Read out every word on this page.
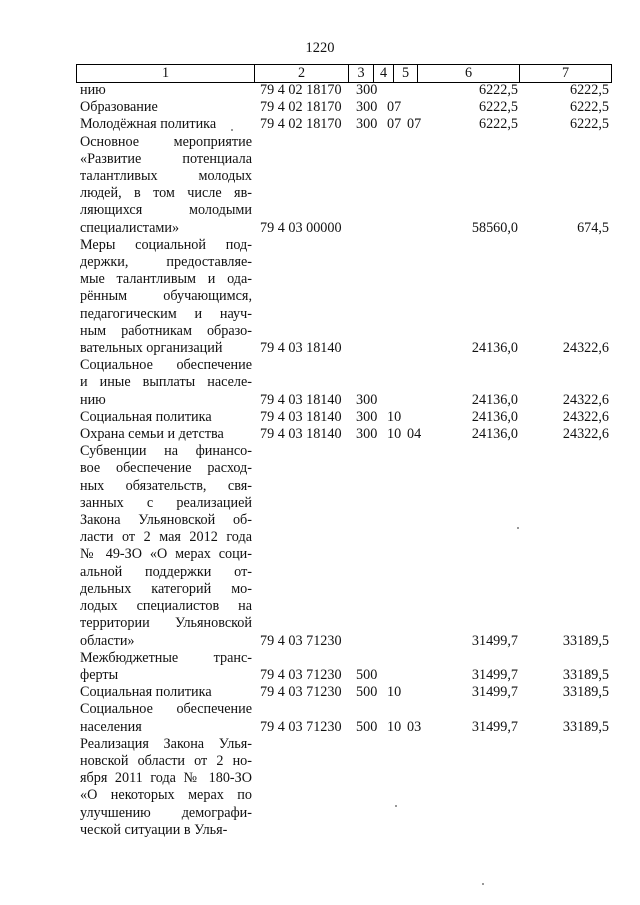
1220
1	2	3	4	5	6	7
нию	79 4 02 18170 300	6222,5	6222,5
Образование	79 4 02 18170 300 07	6222,5	6222,5
Молодёжная политика	79 4 02 18170 300 07 07	6222,5	6222,5
Основное мероприятие
«Развитие потенциала
талантливых молодых
людей, в том числе яв-
ляющихся молодыми
специалистами»	79 4 03 00000	58560,0	674,5
Меры социальной под-
держки, предоставляе-
мые талантливым и ода-
рённым обучающимся,
педагогическим и науч-
ным работникам образо-
вательных организаций	79 4 03 18140	24136,0	24322,6
Социальное обеспечение
и иные выплаты населе-
нию	79 4 03 18140 300	24136,0	24322,6
Социальная политика	79 4 03 18140 300 10	24136,0	24322,6
Охрана семьи и детства	79 4 03 18140 300 10 04	24136,0	24322,6
Субвенции на финансо-
вое обеспечение расход-
ных обязательств, свя-
занных с реализацией
Закона Ульяновской об-
ласти от 2 мая 2012 года
№ 49-ЗО «О мерах соци-
альной поддержки от-
дельных категорий мо-
лодых специалистов на
территории Ульяновской
области»	79 4 03 71230	31499,7	33189,5
Межбюджетные транс-
ферты	79 4 03 71230 500	31499,7	33189,5
Социальная политика	79 4 03 71230 500 10	31499,7	33189,5
Социальное обеспечение
населения	79 4 03 71230 500 10 03	31499,7	33189,5
Реализация Закона Улья-
новской области от 2 но-
ября 2011 года № 180-ЗО
«О некоторых мерах по
улучшению демографи-
ческой ситуации в Улья-
